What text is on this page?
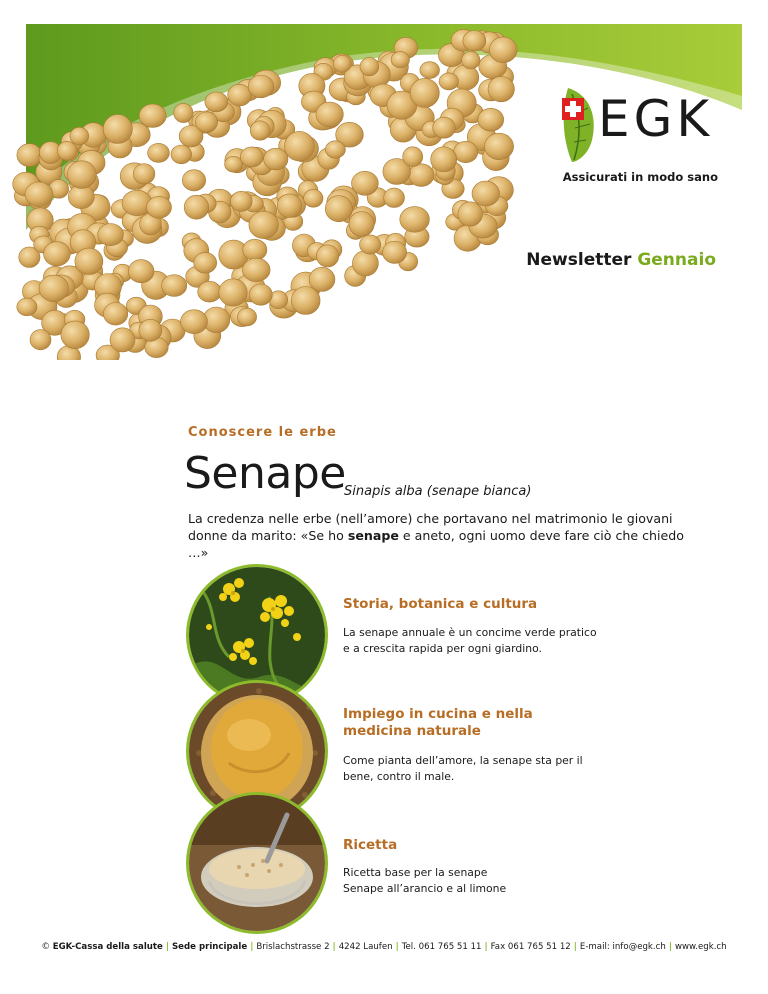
EGK
Assicurati in modo sano
Newsletter Gennaio
Conoscere le erbe
Senape
Sinapis alba (senape bianca)
La credenza nelle erbe (nell’amore) che portavano nel matrimonio le giovani donne da marito: «Se ho senape e aneto, ogni uomo deve fare ciò che chiedo …»
Storia, botanica e cultura
La senape annuale è un concime verde pratico
e a crescita rapida per ogni giardino.
Impiego in cucina e nella
medicina naturale
Come pianta dell’amore, la senape sta per il
bene, contro il male.
Ricetta
Ricetta base per la senape
Senape all’arancio e al limone
© EGK-Cassa della salute | Sede principale | Brislachstrasse 2 | 4242 Laufen | Tel. 061 765 51 11 | Fax 061 765 51 12 | E-mail: info@egk.ch | www.egk.ch
